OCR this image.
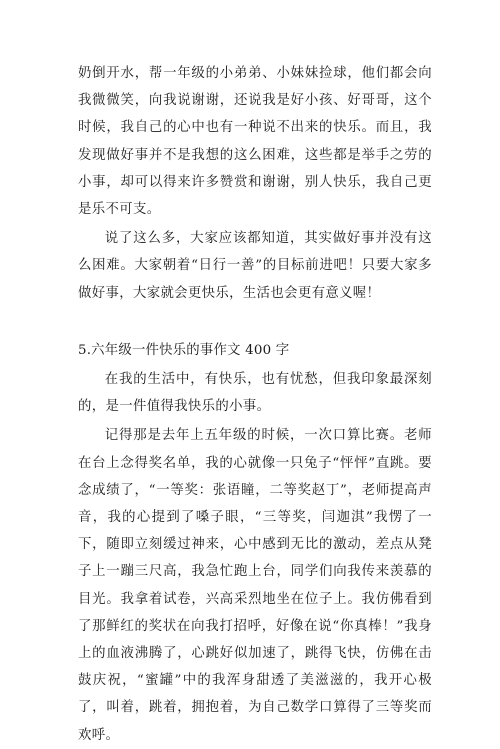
奶倒开水，帮一年级的小弟弟、小妹妹捡球，他们都会向我微微笑，向我说谢谢，还说我是好小孩、好哥哥，这个时候，我自己的心中也有一种说不出来的快乐。而且，我发现做好事并不是我想的这么困难，这些都是举手之劳的小事，却可以得来许多赞赏和谢谢，别人快乐，我自己更是乐不可支。

说了这么多，大家应该都知道，其实做好事并没有这么困难。大家朝着“日行一善”的目标前进吧！只要大家多做好事，大家就会更快乐，生活也会更有意义喔！

5.六年级一件快乐的事作文 400 字

在我的生活中，有快乐，也有忧愁，但我印象最深刻的，是一件值得我快乐的小事。

记得那是去年上五年级的时候，一次口算比赛。老师在台上念得奖名单，我的心就像一只兔子“怦怦”直跳。要念成绩了，“一等奖：张语瞳，二等奖赵丁”，老师提高声音，我的心提到了嗓子眼，“三等奖，闫迦淇”我愣了一下，随即立刻缓过神来，心中感到无比的激动，差点从凳子上一蹦三尺高，我急忙跑上台，同学们向我传来羡慕的目光。我拿着试卷，兴高采烈地坐在位子上。我仿佛看到了那鲜红的奖状在向我打招呼，好像在说“你真棒！”我身上的血液沸腾了，心跳好似加速了，跳得飞快，仿佛在击鼓庆祝，“蜜罐”中的我浑身甜透了美滋滋的，我开心极了，叫着，跳着，拥抱着，为自己数学口算得了三等奖而欢呼。
